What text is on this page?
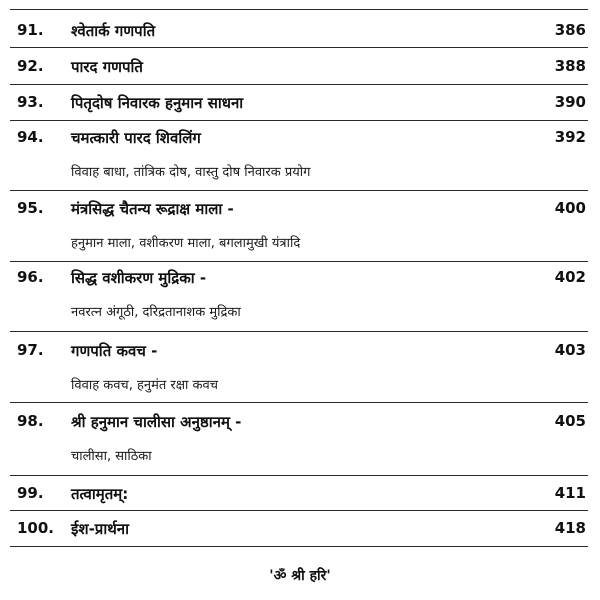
91. श्वेतार्क गणपति	386
92. पारद गणपति	388
93. पितृदोष निवारक हनुमान साधना	390
94. चमत्कारी पारद शिवलिंग	392
विवाह बाधा, तांत्रिक दोष, वास्तु दोष निवारक प्रयोग
95. मंत्रसिद्ध चैतन्य रूद्राक्ष माला -	400
हनुमान माला, वशीकरण माला, बगलामुखी यंत्रादि
96. सिद्ध वशीकरण मुद्रिका -	402
नवरत्न अंगूठी, दरिद्रतानाशक मुद्रिका
97. गणपति कवच -	403
विवाह कवच, हनुमंत रक्षा कवच
98. श्री हनुमान चालीसा अनुष्ठानम् -	405
चालीसा, साठिका
99. तत्वामृतम्:	411
100. ईश-प्रार्थना	418
'ॐ श्री हरि'
